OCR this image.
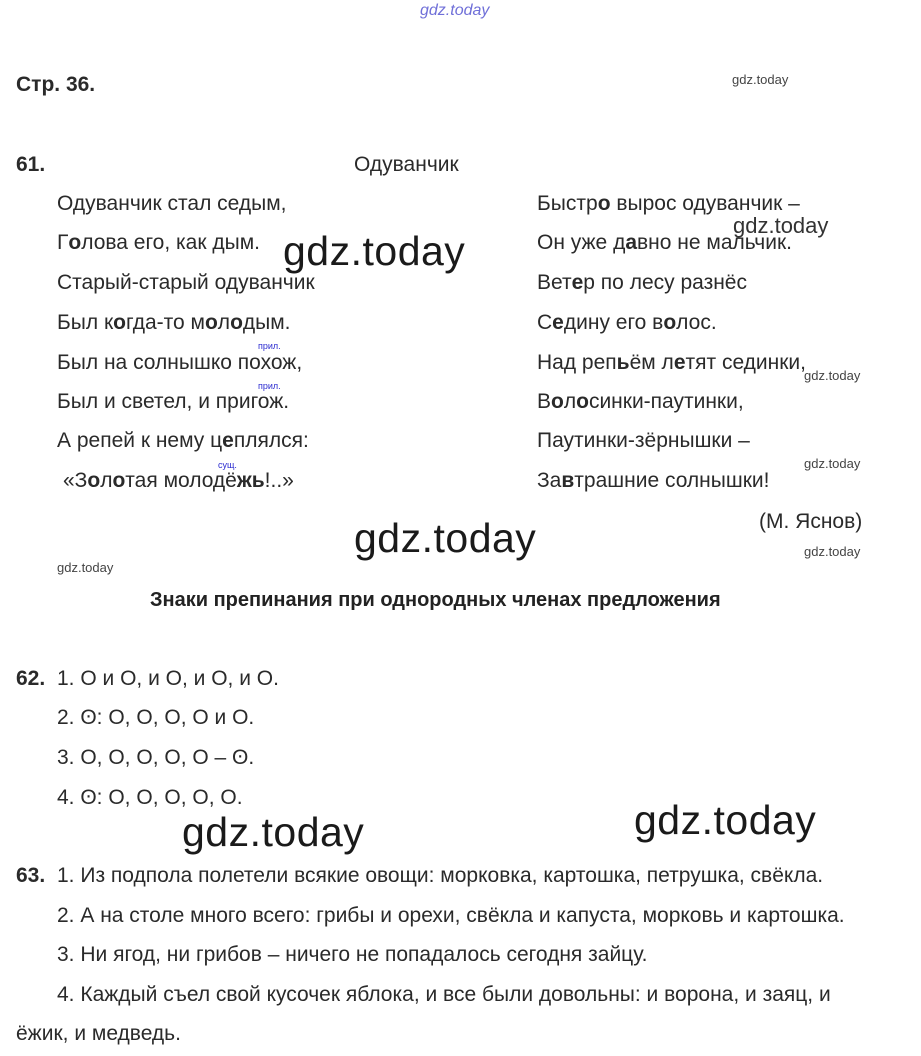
gdz.today
Стр. 36.	gdz.today
61.	Одуванчик
Одуванчик стал седым,
Голова его, как дым.
Старый-старый одуванчик
Был когда-то молодым.
Был на солнышко похож,
Был и светел, и пригож.
А репей к нему цеплялся:
«Золотая молодёжь!..»
прил.
прил.
сущ.
Быстро вырос одуванчик –
Он уже давно не мальчик.
Ветер по лесу разнёс
Седину его волос.
Над репьём летят сединки,
Волосинки-паутинки,
Паутинки-зёрнышки –
Завтрашние солнышки!
(М. Яснов)
gdz.today
gdz.today
gdz.today
gdz.today
gdz.today	gdz.today
gdz.today
Знаки препинания при однородных членах предложения
62. 1. О и О, и О, и О, и О.
2. ʘ: О, О, О, О и О.
3. О, О, О, О, О – ʘ.
4. ʘ: О, О, О, О, О.
gdz.today	gdz.today
63. 1. Из подпола полетели всякие овощи: морковка, картошка, петрушка, свёкла.
2. А на столе много всего: грибы и орехи, свёкла и капуста, морковь и картошка.
3. Ни ягод, ни грибов – ничего не попадалось сегодня зайцу.
4. Каждый съел свой кусочек яблока, и все были довольны: и ворона, и заяц, и
ёжик, и медведь.
